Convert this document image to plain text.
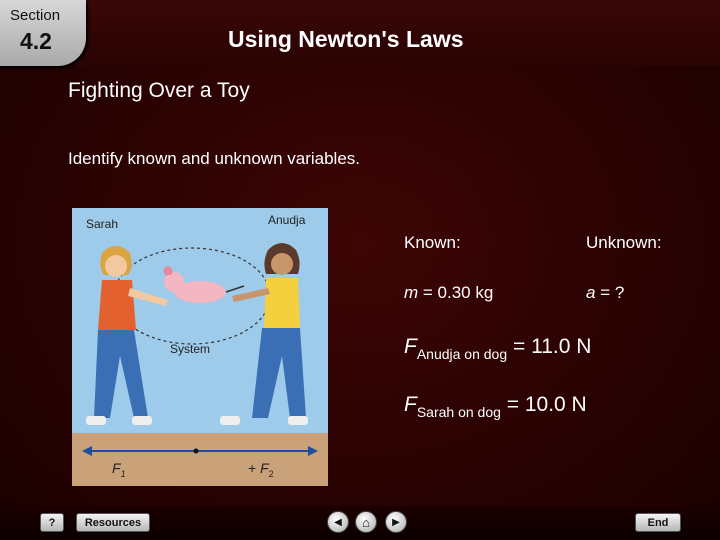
Section
4.2	Using Newton's Laws
Fighting Over a Toy
Identify known and unknown variables.
Sarah	Anudja
System
$F_1$	+ $F_2$
Known:	Unknown:
m = 0.30 kg	a = ?
$F_{Anudja on dog} = 11.0$ N
$F_{Sarah on dog} = 10.0$ N
?	Resources	◀ ⌂ ▶	End
